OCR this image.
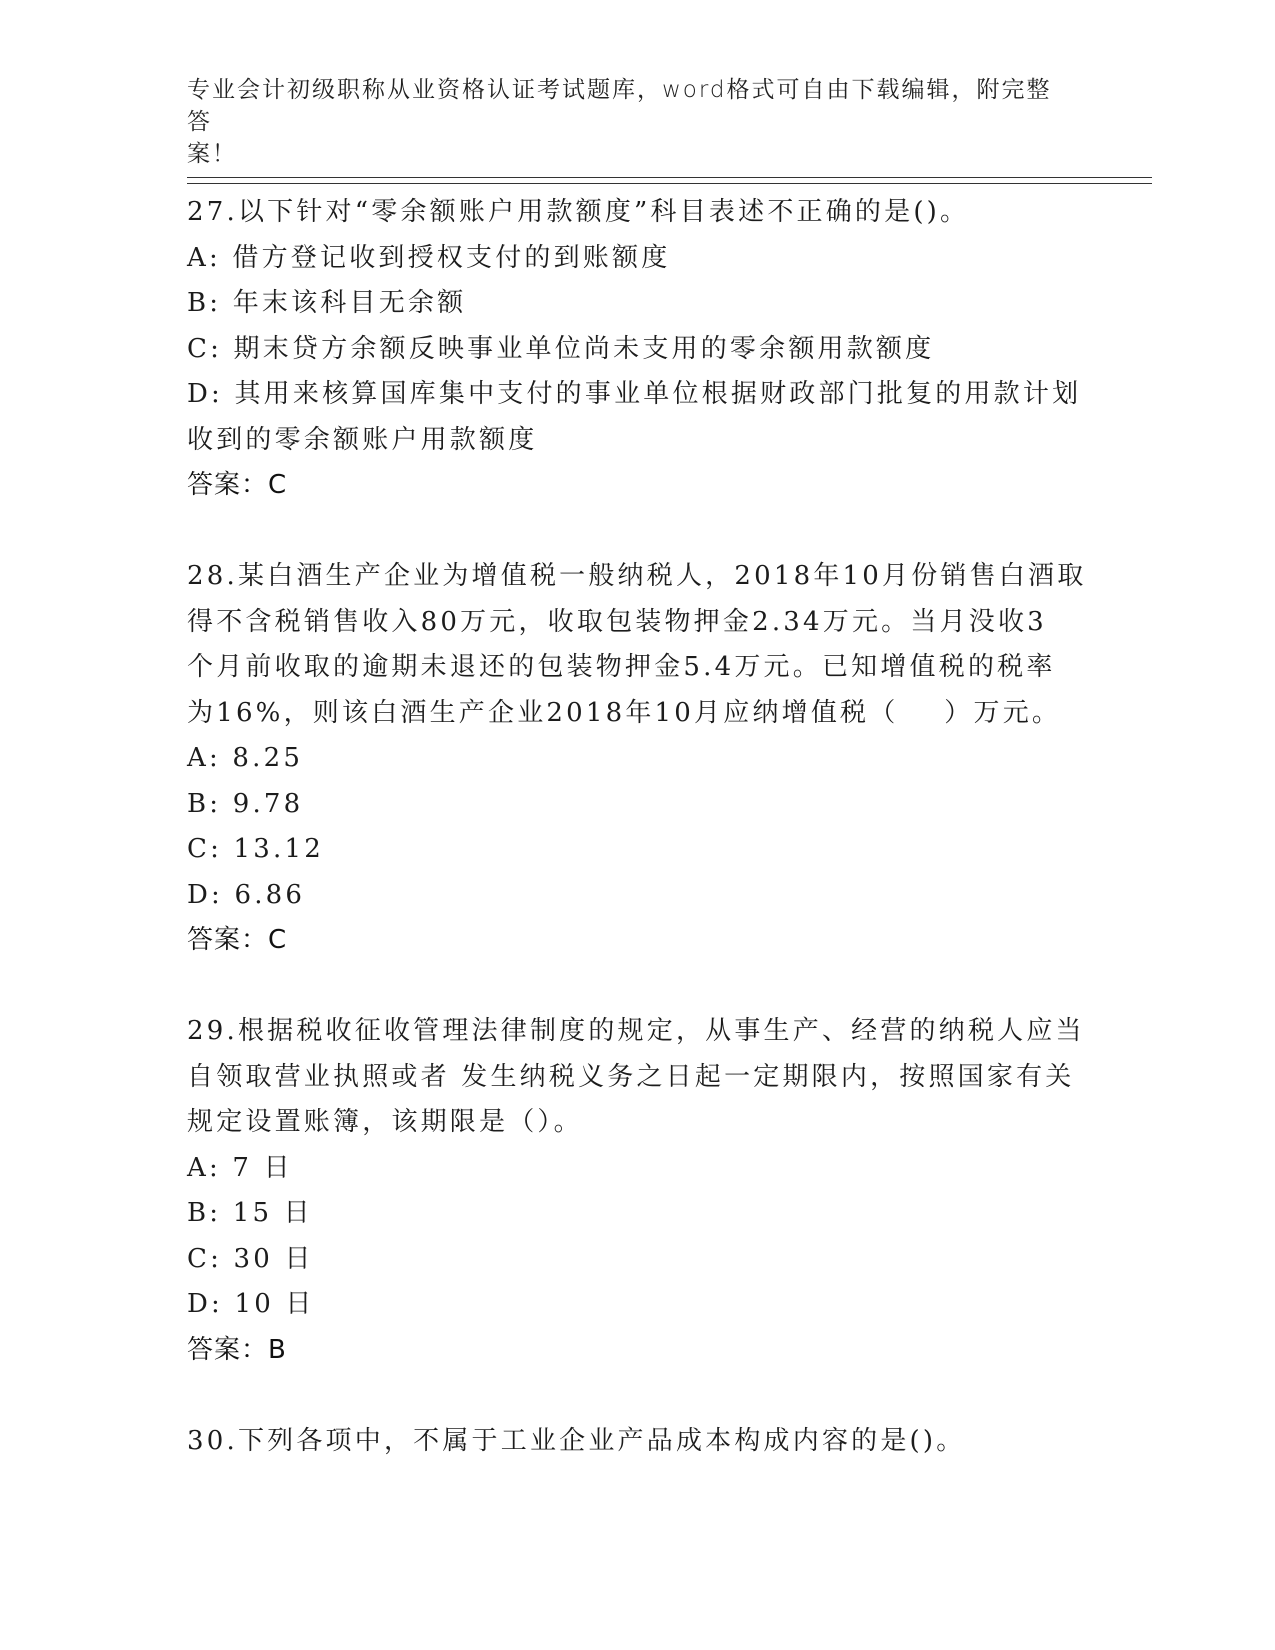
专业会计初级职称从业资格认证考试题库，word格式可自由下载编辑，附完整答
案！
27.以下针对“零余额账户用款额度”科目表述不正确的是()。
A: 借方登记收到授权支付的到账额度
B: 年末该科目无余额
C: 期末贷方余额反映事业单位尚未支用的零余额用款额度
D: 其用来核算国库集中支付的事业单位根据财政部门批复的用款计划
收到的零余额账户用款额度
答案：C
28.某白酒生产企业为增值税一般纳税人，2018年10月份销售白酒取
得不含税销售收入80万元，收取包装物押金2.34万元。当月没收3
个月前收取的逾期未退还的包装物押金5.4万元。已知增值税的税率
为16%，则该白酒生产企业2018年10月应纳增值税（    ）万元。
A: 8.25
B: 9.78
C: 13.12
D: 6.86
答案：C
29.根据税收征收管理法律制度的规定，从事生产、经营的纳税人应当
自领取营业执照或者 发生纳税义务之日起一定期限内，按照国家有关
规定设置账簿，该期限是（）。
A: 7 日
B: 15 日
C: 30 日
D: 10 日
答案：B
30.下列各项中，不属于工业企业产品成本构成内容的是()。
